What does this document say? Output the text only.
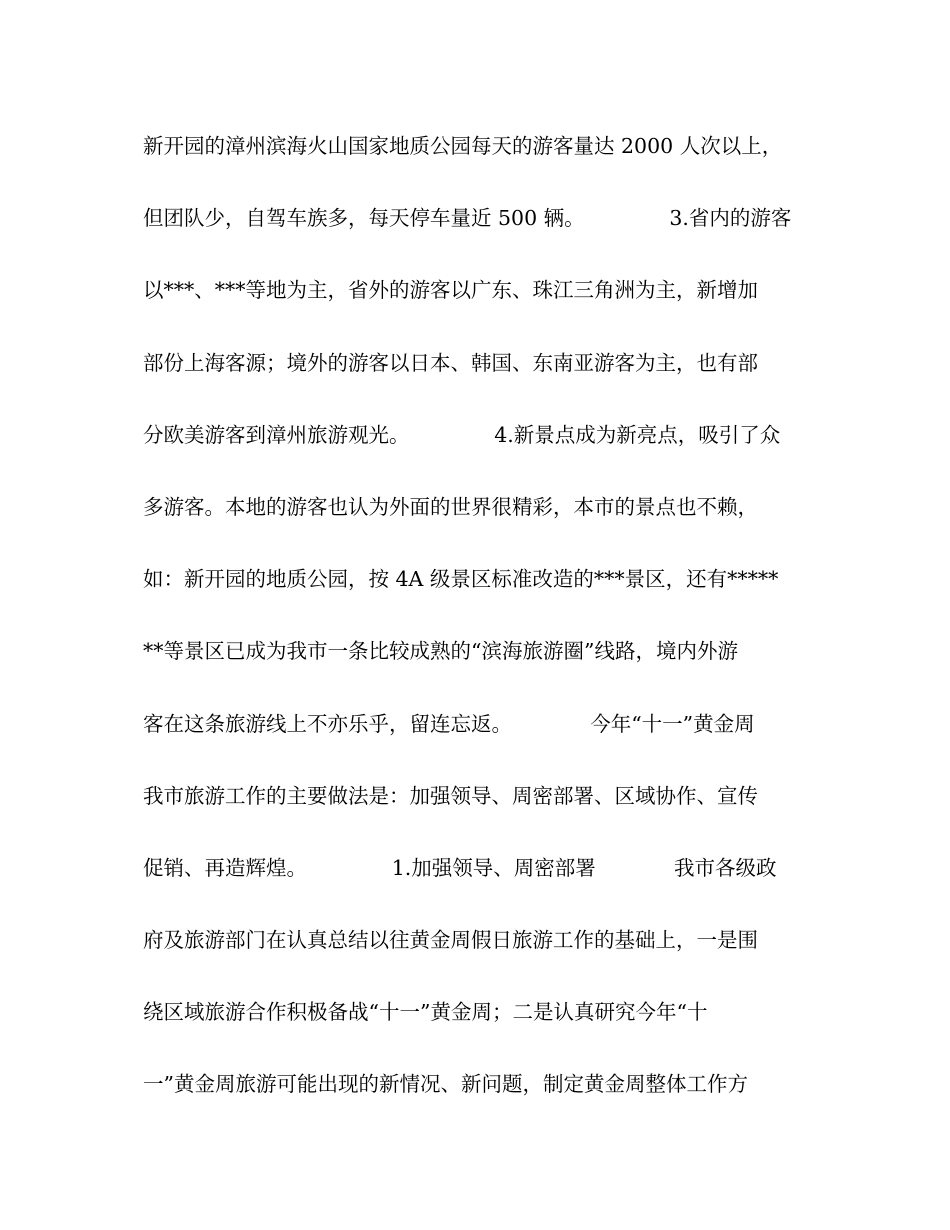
新开园的漳州滨海火山国家地质公园每天的游客量达 2000 人次以上，
但团队少，自驾车族多，每天停车量近 500 辆。             3.省内的游客
以***、***等地为主，省外的游客以广东、珠江三角洲为主，新增加
部份上海客源；境外的游客以日本、韩国、东南亚游客为主，也有部
分欧美游客到漳州旅游观光。             4.新景点成为新亮点，吸引了众
多游客。本地的游客也认为外面的世界很精彩，本市的景点也不赖，
如：新开园的地质公园，按 4A 级景区标准改造的***景区，还有*****
**等景区已成为我市一条比较成熟的“滨海旅游圈”线路，境内外游
客在这条旅游线上不亦乐乎，留连忘返。            今年“十一”黄金周
我市旅游工作的主要做法是：加强领导、周密部署、区域协作、宣传
促销、再造辉煌。             1.加强领导、周密部署            我市各级政
府及旅游部门在认真总结以往黄金周假日旅游工作的基础上，一是围
绕区域旅游合作积极备战“十一”黄金周；二是认真研究今年“十
一”黄金周旅游可能出现的新情况、新问题，制定黄金周整体工作方
